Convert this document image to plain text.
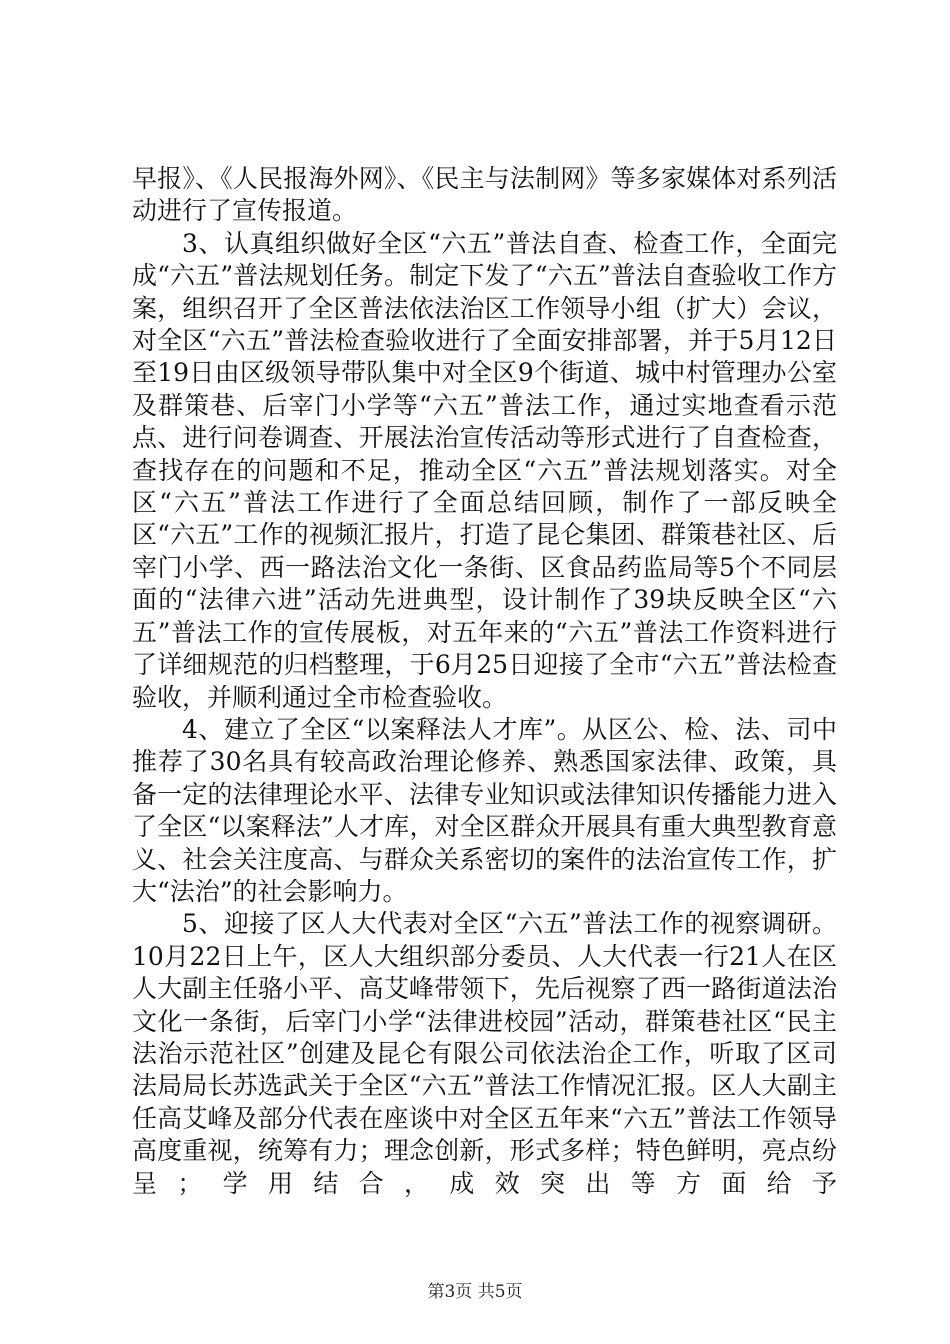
早报》、《人民报海外网》、《民主与法制网》等多家媒体对系列活动进行了宣传报道。

3、认真组织做好全区“六五”普法自查、检查工作，全面完成“六五”普法规划任务。制定下发了“六五”普法自查验收工作方案，组织召开了全区普法依法治区工作领导小组（扩大）会议，对全区“六五”普法检查验收进行了全面安排部署，并于5月12日至19日由区级领导带队集中对全区9个街道、城中村管理办公室及群策巷、后宰门小学等“六五”普法工作，通过实地查看示范点、进行问卷调查、开展法治宣传活动等形式进行了自查检查，查找存在的问题和不足，推动全区“六五”普法规划落实。对全区“六五”普法工作进行了全面总结回顾，制作了一部反映全区“六五”工作的视频汇报片，打造了昆仑集团、群策巷社区、后宰门小学、西一路法治文化一条街、区食品药监局等5个不同层面的“法律六进”活动先进典型，设计制作了39块反映全区“六五”普法工作的宣传展板，对五年来的“六五”普法工作资料进行了详细规范的归档整理，于6月25日迎接了全市“六五”普法检查验收，并顺利通过全市检查验收。

4、建立了全区“以案释法人才库”。从区公、检、法、司中推荐了30名具有较高政治理论修养、熟悉国家法律、政策，具备一定的法律理论水平、法律专业知识或法律知识传播能力进入了全区“以案释法”人才库，对全区群众开展具有重大典型教育意义、社会关注度高、与群众关系密切的案件的法治宣传工作，扩大“法治”的社会影响力。

5、迎接了区人大代表对全区“六五”普法工作的视察调研。10月22日上午，区人大组织部分委员、人大代表一行21人在区人大副主任骆小平、高艾峰带领下，先后视察了西一路街道法治文化一条街，后宰门小学“法律进校园”活动，群策巷社区“民主法治示范社区”创建及昆仑有限公司依法治企工作，听取了区司法局局长苏选武关于全区“六五”普法工作情况汇报。区人大副主任高艾峰及部分代表在座谈中对全区五年来“六五”普法工作领导高度重视，统筹有力；理念创新，形式多样；特色鲜明，亮点纷呈；学用结合，成效突出等方面给予

第3页 共5页
